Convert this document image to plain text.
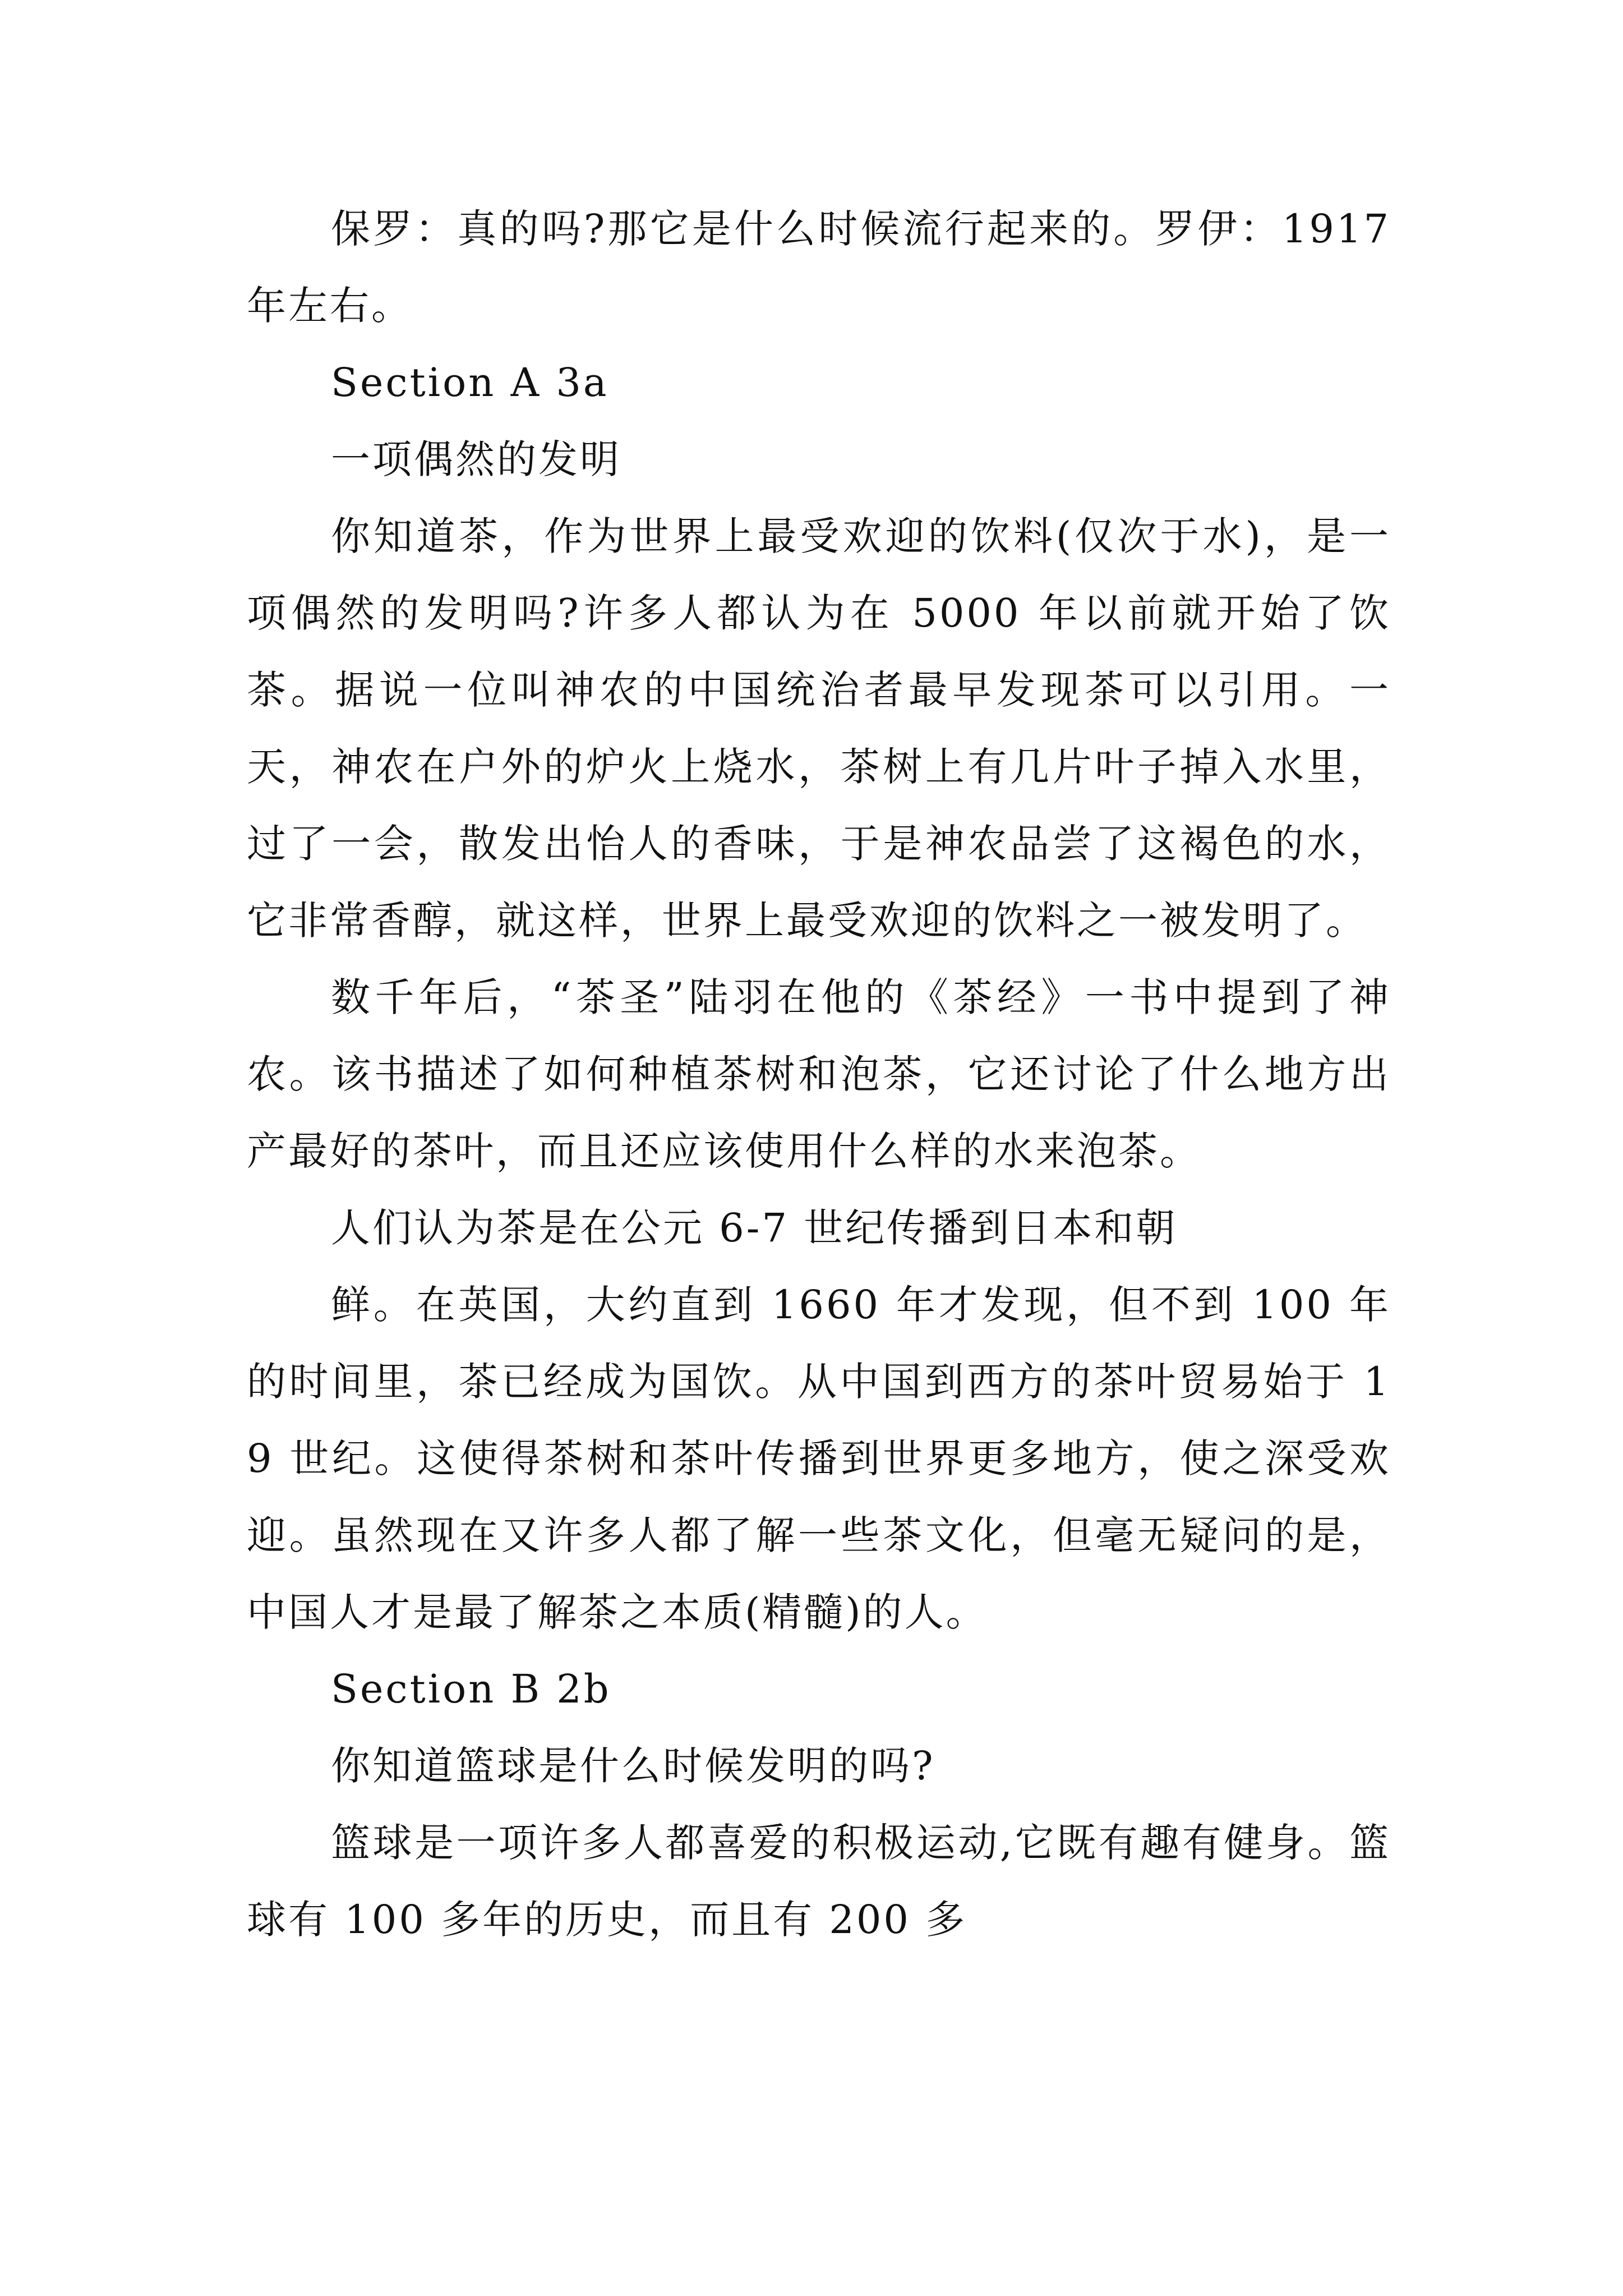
保罗：真的吗?那它是什么时候流行起来的。罗伊：1917 年左右。

Section A 3a

一项偶然的发明

你知道茶，作为世界上最受欢迎的饮料(仅次于水)，是一项偶然的发明吗?许多人都认为在 5000 年以前就开始了饮茶。据说一位叫神农的中国统治者最早发现茶可以引用。一天，神农在户外的炉火上烧水，茶树上有几片叶子掉入水里，过了一会，散发出怡人的香味，于是神农品尝了这褐色的水，它非常香醇，就这样，世界上最受欢迎的饮料之一被发明了。

数千年后，“茶圣”陆羽在他的《茶经》一书中提到了神农。该书描述了如何种植茶树和泡茶，它还讨论了什么地方出产最好的茶叶，而且还应该使用什么样的水来泡茶。

人们认为茶是在公元 6-7 世纪传播到日本和朝

鲜。在英国，大约直到 1660 年才发现，但不到 100 年的时间里，茶已经成为国饮。从中国到西方的茶叶贸易始于 19 世纪。这使得茶树和茶叶传播到世界更多地方，使之深受欢迎。虽然现在又许多人都了解一些茶文化，但毫无疑问的是，中国人才是最了解茶之本质(精髓)的人。

Section B 2b

你知道篮球是什么时候发明的吗?

篮球是一项许多人都喜爱的积极运动,它既有趣有健身。篮球有 100 多年的历史，而且有 200 多
